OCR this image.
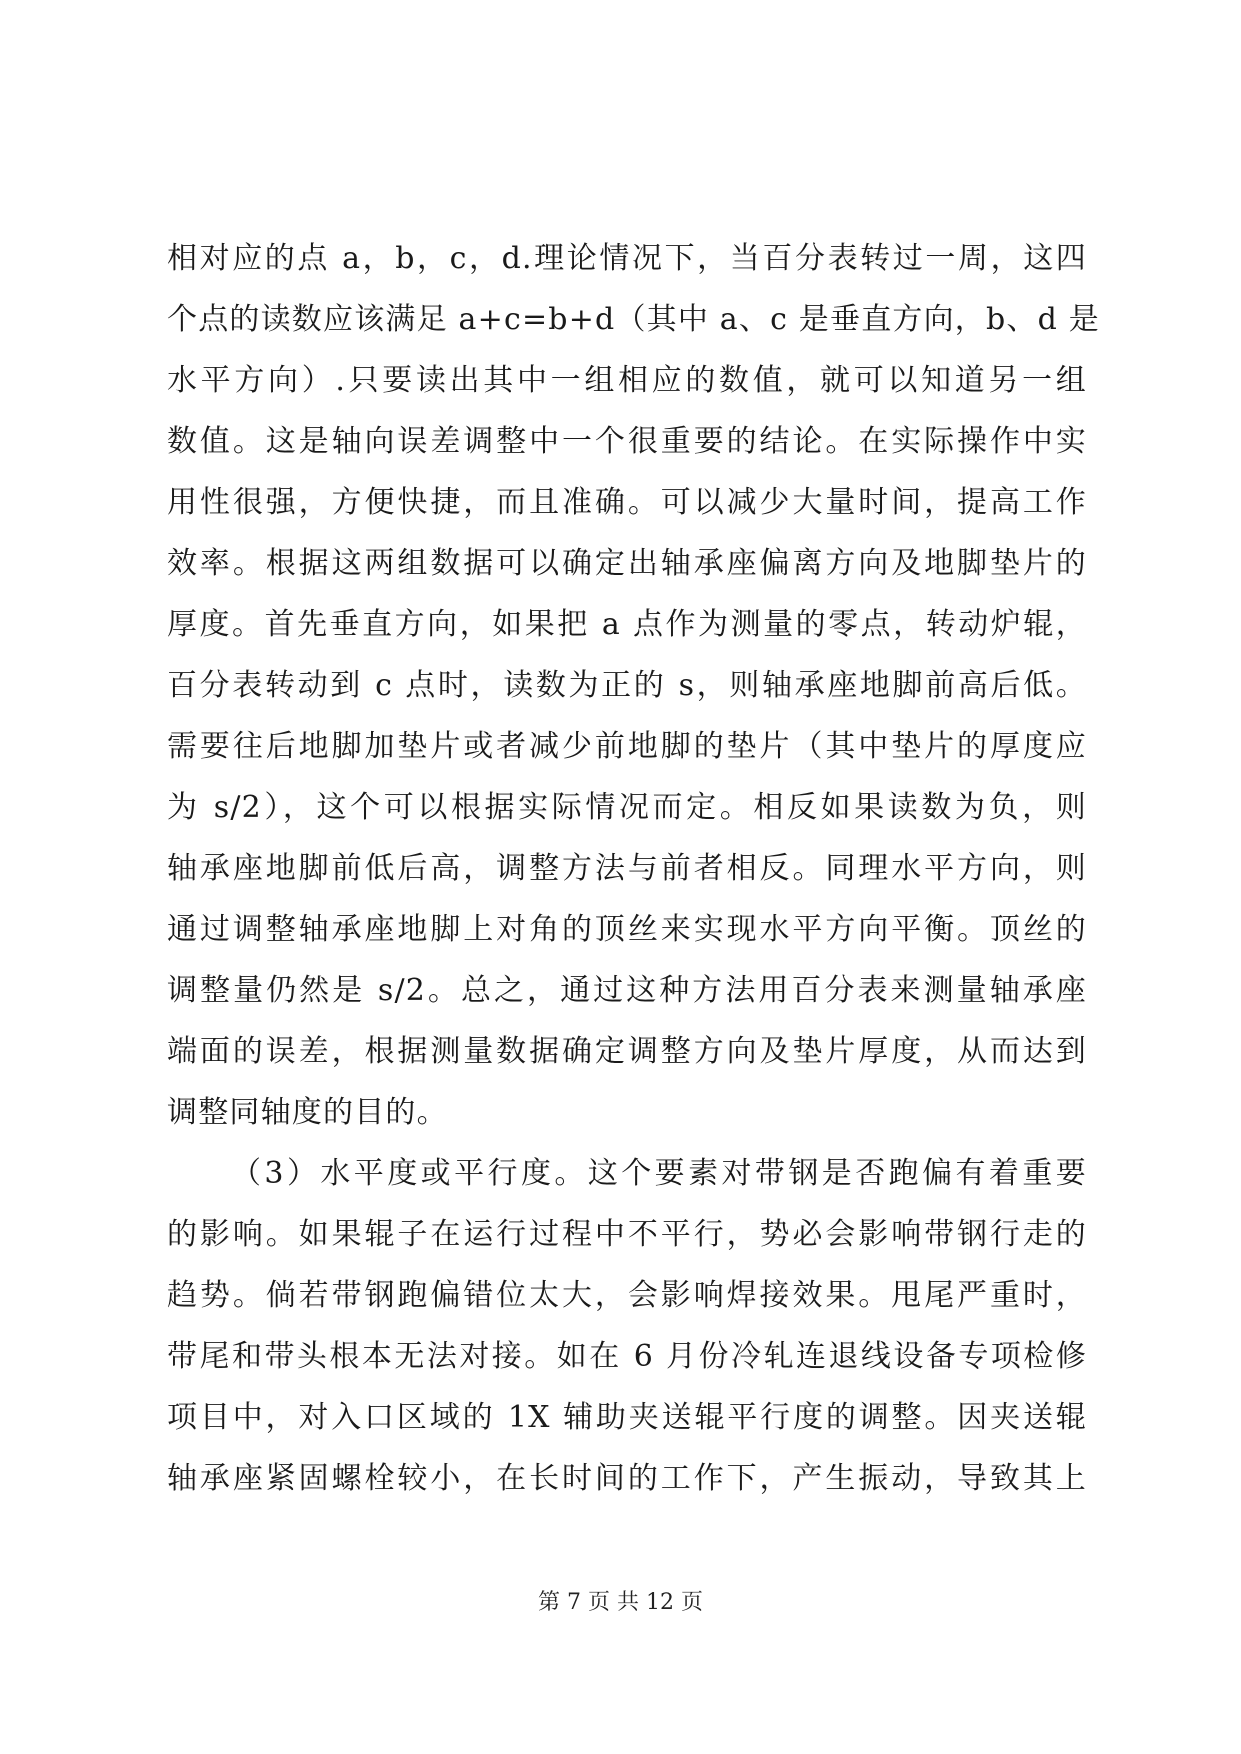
相对应的点 a，b，c，d.理论情况下，当百分表转过一周，这四
个点的读数应该满足 a+c=b+d（其中 a、c 是垂直方向，b、d 是
水平方向）.只要读出其中一组相应的数值，就可以知道另一组
数值。这是轴向误差调整中一个很重要的结论。在实际操作中实
用性很强，方便快捷，而且准确。可以减少大量时间，提高工作
效率。根据这两组数据可以确定出轴承座偏离方向及地脚垫片的
厚度。首先垂直方向，如果把 a 点作为测量的零点，转动炉辊，
百分表转动到 c 点时，读数为正的 s，则轴承座地脚前高后低。
需要往后地脚加垫片或者减少前地脚的垫片（其中垫片的厚度应
为 s/2），这个可以根据实际情况而定。相反如果读数为负，则
轴承座地脚前低后高，调整方法与前者相反。同理水平方向，则
通过调整轴承座地脚上对角的顶丝来实现水平方向平衡。顶丝的
调整量仍然是 s/2。总之，通过这种方法用百分表来测量轴承座
端面的误差，根据测量数据确定调整方向及垫片厚度，从而达到
调整同轴度的目的。
（3）水平度或平行度。这个要素对带钢是否跑偏有着重要
的影响。如果辊子在运行过程中不平行，势必会影响带钢行走的
趋势。倘若带钢跑偏错位太大，会影响焊接效果。甩尾严重时，
带尾和带头根本无法对接。如在 6 月份冷轧连退线设备专项检修
项目中，对入口区域的 1X 辅助夹送辊平行度的调整。因夹送辊
轴承座紧固螺栓较小，在长时间的工作下，产生振动，导致其上
第 7 页 共 12 页
